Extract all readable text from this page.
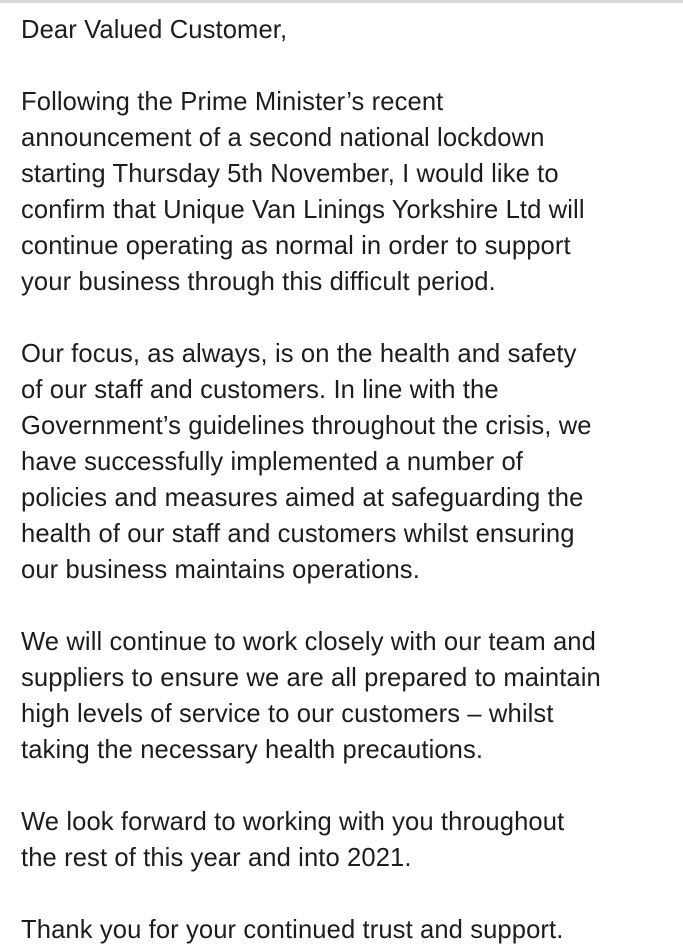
Dear Valued Customer,
Following the Prime Minister’s recent
announcement of a second national lockdown
starting Thursday 5th November, I would like to
confirm that Unique Van Linings Yorkshire Ltd will
continue operating as normal in order to support
your business through this difficult period.
Our focus, as always, is on the health and safety
of our staff and customers. In line with the
Government’s guidelines throughout the crisis, we
have successfully implemented a number of
policies and measures aimed at safeguarding the
health of our staff and customers whilst ensuring
our business maintains operations.
We will continue to work closely with our team and
suppliers to ensure we are all prepared to maintain
high levels of service to our customers – whilst
taking the necessary health precautions.
We look forward to working with you throughout
the rest of this year and into 2021.
Thank you for your continued trust and support.
